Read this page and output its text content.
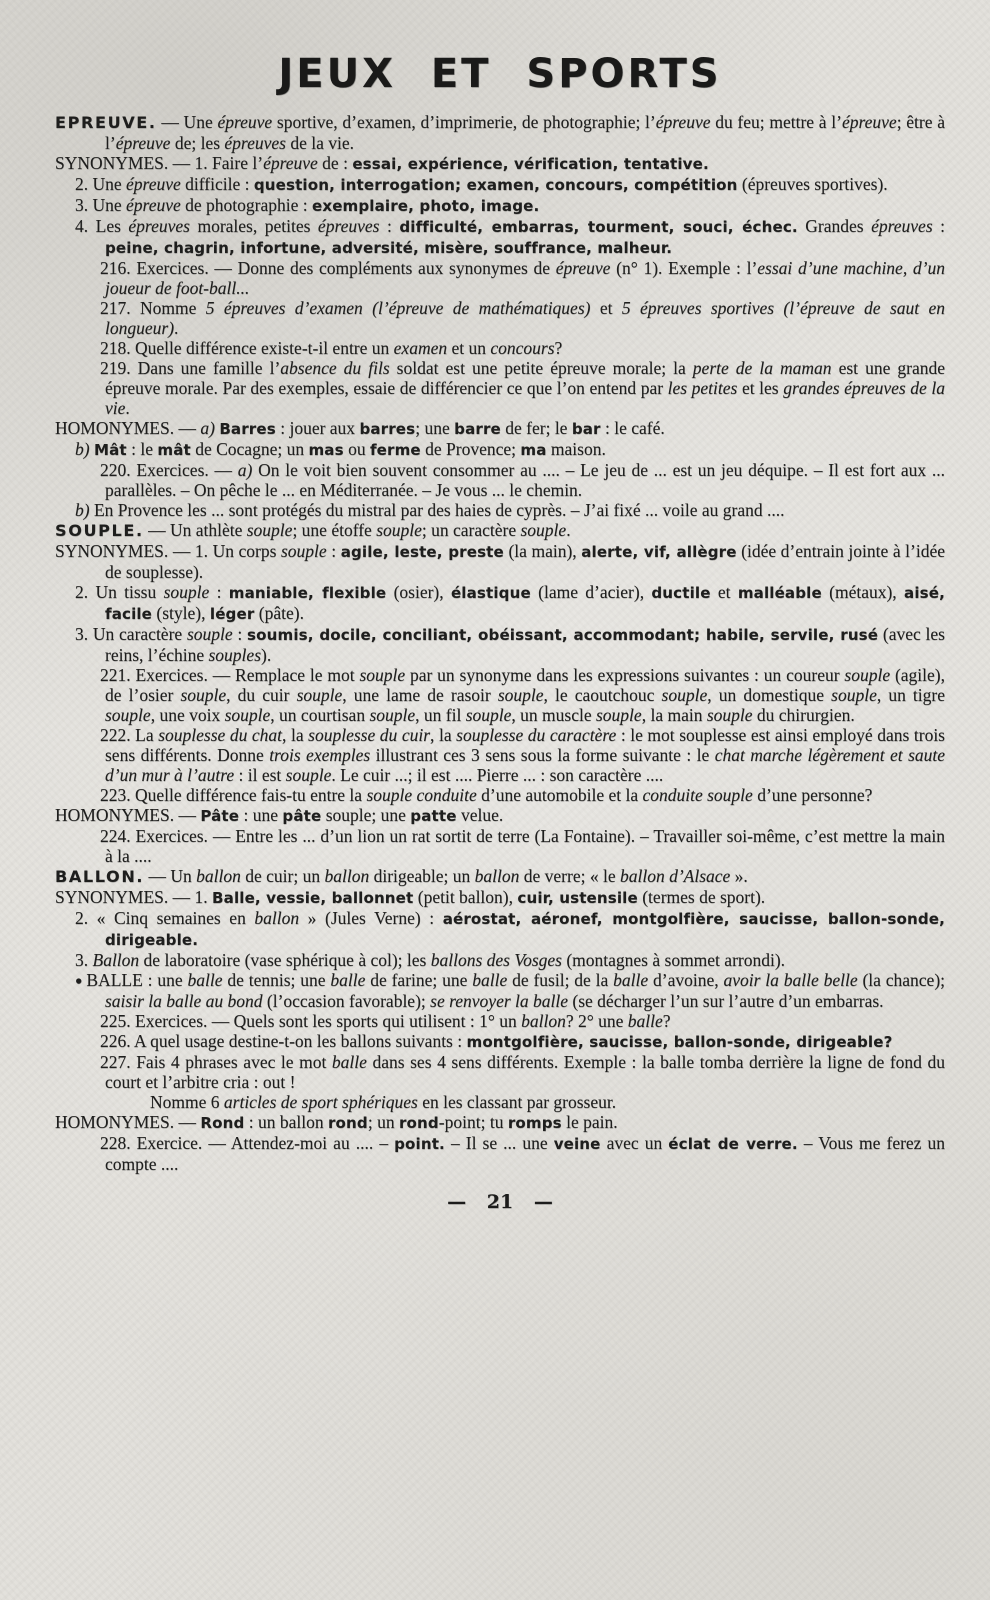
JEUX ET SPORTS

EPREUVE. — Une épreuve sportive, d’examen, d’imprimerie, de photographie; l’épreuve du feu; mettre à l’épreuve; être à l’épreuve de; les épreuves de la vie.

SYNONYMES. — 1. Faire l’épreuve de : essai, expérience, vérification, tentative.

2. Une épreuve difficile : question, interrogation; examen, concours, compétition (épreuves sportives).

3. Une épreuve de photographie : exemplaire, photo, image.

4. Les épreuves morales, petites épreuves : difficulté, embarras, tourment, souci, échec. Grandes épreuves : peine, chagrin, infortune, adversité, misère, souffrance, malheur.

216. Exercices. — Donne des compléments aux synonymes de épreuve (n° 1). Exemple : l’essai d’une machine, d’un joueur de foot-ball...

217. Nomme 5 épreuves d’examen (l’épreuve de mathématiques) et 5 épreuves sportives (l’épreuve de saut en longueur).

218. Quelle différence existe-t-il entre un examen et un concours?

219. Dans une famille l’absence du fils soldat est une petite épreuve morale; la perte de la maman est une grande épreuve morale. Par des exemples, essaie de différencier ce que l’on entend par les petites et les grandes épreuves de la vie.

HOMONYMES. — a) Barres : jouer aux barres; une barre de fer; le bar : le café.

b) Mât : le mât de Cocagne; un mas ou ferme de Provence; ma maison.

220. Exercices. — a) On le voit bien souvent consommer au .... – Le jeu de ... est un jeu déquipe. – Il est fort aux ... parallèles. – On pêche le ... en Méditerranée. – Je vous ... le chemin.

b) En Provence les ... sont protégés du mistral par des haies de cyprès. – J’ai fixé ... voile au grand ....

SOUPLE. — Un athlète souple; une étoffe souple; un caractère souple.

SYNONYMES. — 1. Un corps souple : agile, leste, preste (la main), alerte, vif, allègre (idée d’entrain jointe à l’idée de souplesse).

2. Un tissu souple : maniable, flexible (osier), élastique (lame d’acier), ductile et malléable (métaux), aisé, facile (style), léger (pâte).

3. Un caractère souple : soumis, docile, conciliant, obéissant, accommodant; habile, servile, rusé (avec les reins, l’échine souples).

221. Exercices. — Remplace le mot souple par un synonyme dans les expressions suivantes : un coureur souple (agile), de l’osier souple, du cuir souple, une lame de rasoir souple, le caoutchouc souple, un domestique souple, un tigre souple, une voix souple, un courtisan souple, un fil souple, un muscle souple, la main souple du chirurgien.

222. La souplesse du chat, la souplesse du cuir, la souplesse du caractère : le mot souplesse est ainsi employé dans trois sens différents. Donne trois exemples illustrant ces 3 sens sous la forme suivante : le chat marche légèrement et saute d’un mur à l’autre : il est souple. Le cuir ...; il est .... Pierre ... : son caractère ....

223. Quelle différence fais-tu entre la souple conduite d’une automobile et la conduite souple d’une personne?

HOMONYMES. — Pâte : une pâte souple; une patte velue.

224. Exercices. — Entre les ... d’un lion un rat sortit de terre (La Fontaine). – Travailler soi-même, c’est mettre la main à la ....

BALLON. — Un ballon de cuir; un ballon dirigeable; un ballon de verre; « le ballon d’Alsace ».

SYNONYMES. — 1. Balle, vessie, ballonnet (petit ballon), cuir, ustensile (termes de sport).

2. « Cinq semaines en ballon » (Jules Verne) : aérostat, aéronef, montgolfière, saucisse, ballon-sonde, dirigeable.

3. Ballon de laboratoire (vase sphérique à col); les ballons des Vosges (montagnes à sommet arrondi).

● BALLE : une balle de tennis; une balle de farine; une balle de fusil; de la balle d’avoine, avoir la balle belle (la chance); saisir la balle au bond (l’occasion favorable); se renvoyer la balle (se décharger l’un sur l’autre d’un embarras.

225. Exercices. — Quels sont les sports qui utilisent : 1° un ballon? 2° une balle?

226. A quel usage destine-t-on les ballons suivants : montgolfière, saucisse, ballon-sonde, dirigeable?

227. Fais 4 phrases avec le mot balle dans ses 4 sens différents. Exemple : la balle tomba derrière la ligne de fond du court et l’arbitre cria : out !

Nomme 6 articles de sport sphériques en les classant par grosseur.

HOMONYMES. — Rond : un ballon rond; un rond-point; tu romps le pain.

228. Exercice. — Attendez-moi au .... – point. – Il se ... une veine avec un éclat de verre. – Vous me ferez un compte ....

— 21 —
